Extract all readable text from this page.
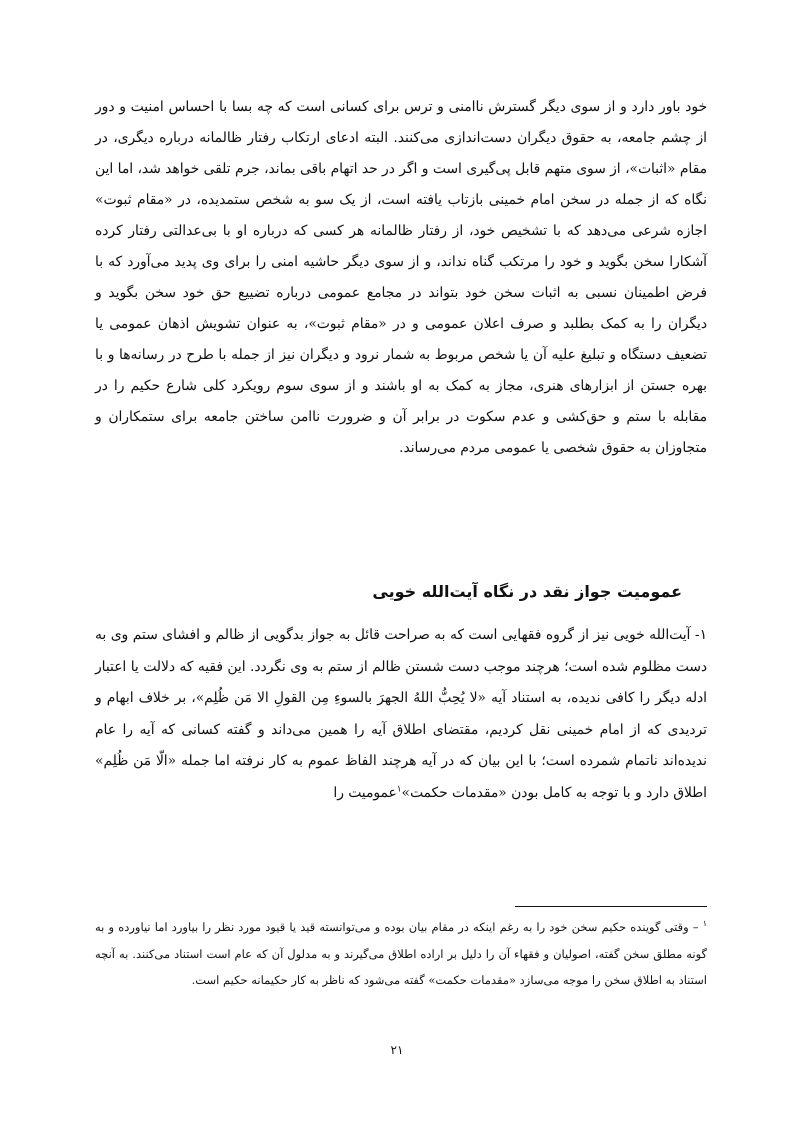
خود باور دارد و از سوی دیگر گسترش ناامنی و ترس برای کسانی است که چه بسا با احساس امنیت و دور از چشم جامعه، به حقوق دیگران دست‌اندازی می‌کنند. البته ادعای ارتکاب رفتار ظالمانه درباره دیگری، در مقام «اثبات»، از سوی متهم قابل پی‌گیری است و اگر در حد اتهام باقی بماند، جرم تلقی خواهد شد، اما این نگاه که از جمله در سخن امام خمینی بازتاب یافته است، از یک سو به شخص ستمدیده، در «مقام ثبوت» اجازه شرعی می‌دهد که با تشخیص خود، از رفتار ظالمانه هر کسی که درباره او با بی‌عدالتی رفتار کرده آشکارا سخن بگوید و خود را مرتکب گناه نداند، و از سوی دیگر حاشیه امنی را برای وی پدید می‌آورد که با فرض اطمینان نسبی به اثبات سخن خود بتواند در مجامع عمومی درباره تضییع حق خود سخن بگوید و دیگران را به کمک بطلبد و صرف اعلان عمومی و در «مقام ثبوت»، به عنوان تشویش اذهان عمومی یا تضعیف دستگاه و تبلیغ علیه آن یا شخص مربوط به شمار نرود و دیگران نیز از جمله با طرح در رسانه‌ها و با بهره جستن از ابزارهای هنری، مجاز به کمک به او باشند و از سوی سوم رویکرد کلی شارع حکیم را در مقابله با ستم و حق‌کشی و عدم سکوت در برابر آن و ضرورت ناامن ساختن جامعه برای ستمکاران و متجاوزان به حقوق شخصی یا عمومی مردم می‌رساند.

عمومیت جواز نقد در نگاه آیت‌الله خویی

۱- آیت‌الله خویی نیز از گروه فقهایی است که به صراحت قائل به جواز بدگویی از ظالم و افشای ستم وی به دست مظلوم شده است؛ هرچند موجب دست شستن ظالم از ستم به وی نگردد. این فقیه که دلالت یا اعتبار ادله دیگر را کافی ندیده، به استناد آیه «لا یُحِبُّ اللهُ الجهرَ بالسوءِ مِن القولِ الا مَن ظُلِم»، بر خلاف ابهام و تردیدی که از امام خمینی نقل کردیم، مقتضای اطلاق آیه را همین می‌داند و گفته کسانی که آیه را عام ندیده‌اند ناتمام شمرده است؛ با این بیان که در آیه هرچند الفاظ عموم به کار نرفته اما جمله «الّا مَن ظُلِم» اطلاق دارد و با توجه به کامل بودن «مقدمات حکمت»$^۱$عمومیت را

$^۱$ – وقتی گوینده حکیم سخن خود را به رغم اینکه در مقام بیان بوده و می‌توانسته قید یا قیود مورد نظر را بیاورد اما نیاورده و به گونه مطلق سخن گفته، اصولیان و فقهاء آن را دلیل بر اراده اطلاق می‌گیرند و به مدلول آن که عام است استناد می‌کنند. به آنچه استناد به اطلاق سخن را موجه می‌سازد «مقدمات حکمت» گفته می‌شود که ناظر به کار حکیمانه حکیم است.

۲۱
